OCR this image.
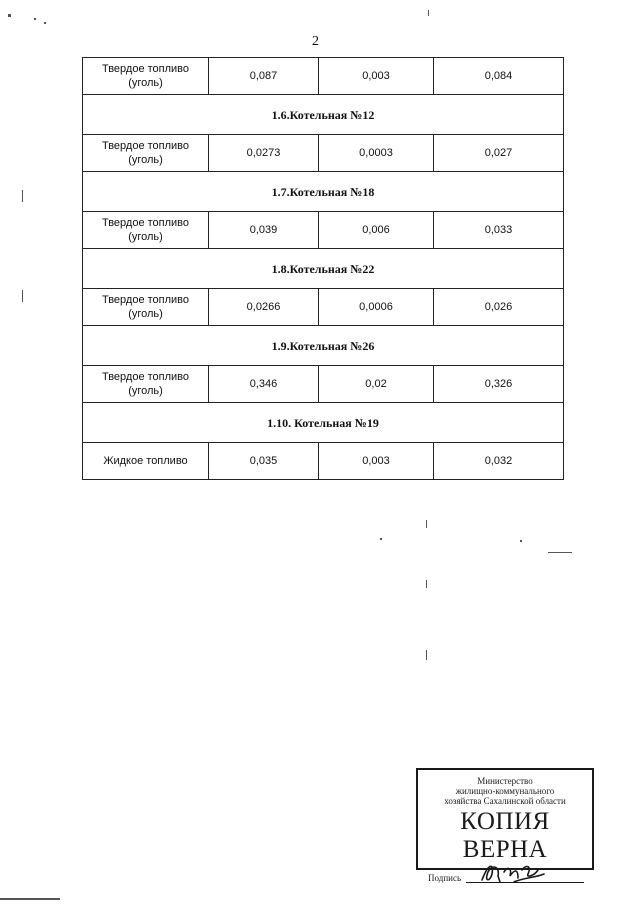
2
Твердое топливо (уголь)	0,087	0,003	0,084
1.6.Котельная №12			
Твердое топливо (уголь)	0,0273	0,0003	0,027
1.7.Котельная №18			
Твердое топливо (уголь)	0,039	0,006	0,033
1.8.Котельная №22			
Твердое топливо (уголь)	0,0266	0,0006	0,026
1.9.Котельная №26			
Твердое топливо (уголь)	0,346	0,02	0,326
1.10. Котельная №19			
Жидкое топливо	0,035	0,003	0,032
Министерство
жилищно-коммунального
хозяйства Сахалинской области
КОПИЯ ВЕРНА
Подпись
